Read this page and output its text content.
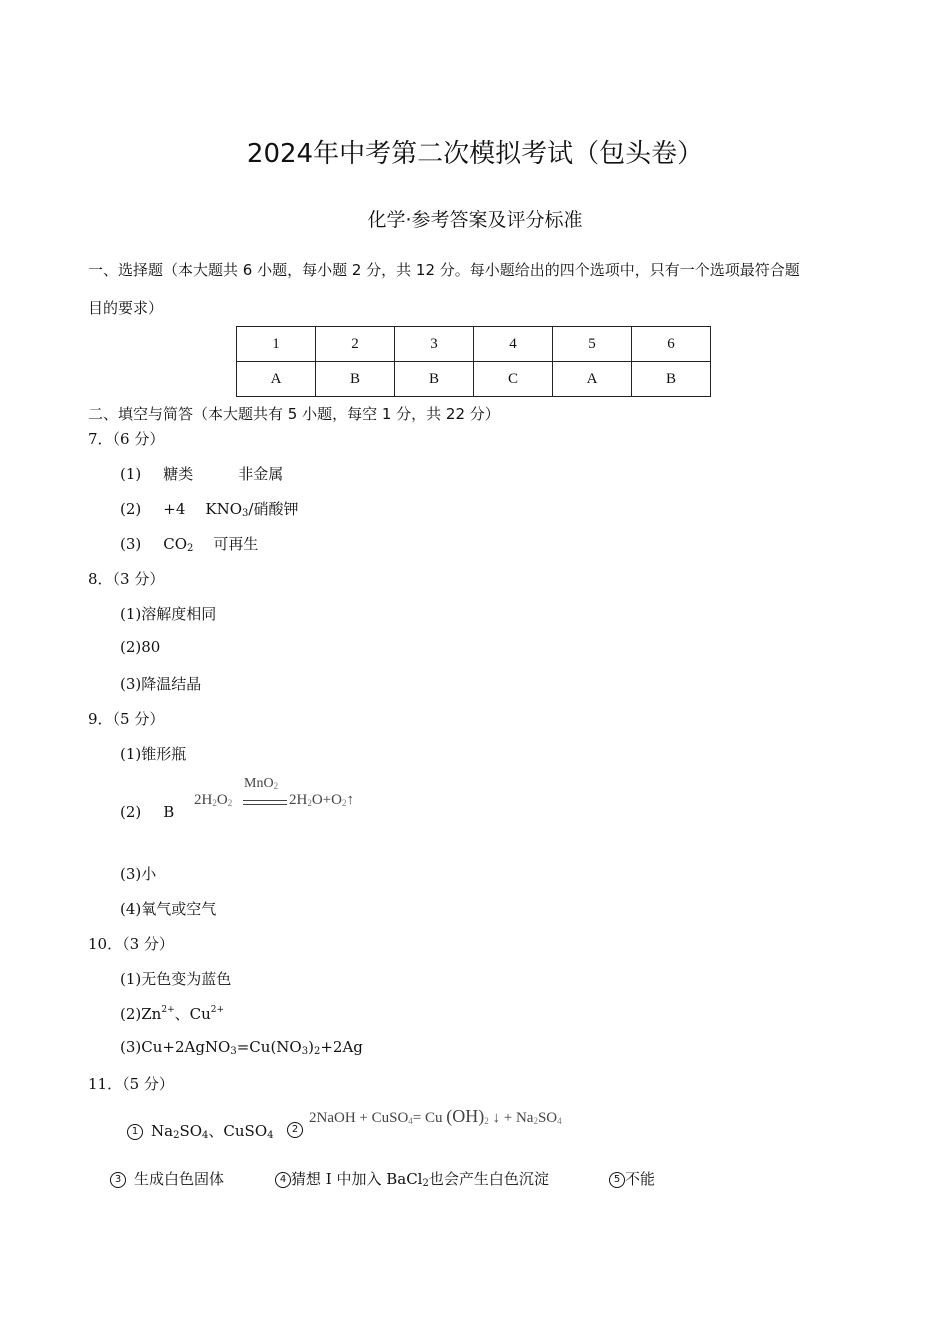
2024年中考第二次模拟考试（包头卷）
化学·参考答案及评分标准
一、选择题（本大题共 6 小题，每小题 2 分，共 12 分。每小题给出的四个选项中，只有一个选项最符合题
目的要求）
1	2	3	4	5	6
A	B	B	C	A	B
二、填空与简答（本大题共有 5 小题，每空 1 分，共 22 分）
7．（6 分）
(1) 糖类	非金属
(2) +4 $KNO_3/$硝酸钾
(3) $CO_2$ 可再生
8．（3 分）
(1)溶解度相同
(2)80
(3)降温结晶
9．（5 分）
(1)锥形瓶
(2) B
MnO$_2$
$2H_2O_2$	$2H_2O+O_2↑$
(3)小
(4)氧气或空气
10．（3 分）
(1)无色变为蓝色
$(2)Zn^{2+}$、$Cu^{2+}$
$(3)Cu+2AgNO_3=Cu(NO_3)_2+2Ag$
11．（5 分）
1 $Na_2SO_4$、CuSO$_4$
2
2NaOH + CuSO$_4$= Cu $(OH)_2$ ↓ + $Na_2SO_4$
3 生成白色固体	4 猜想 I 中加入 BaCl$_2$也会产生白色沉淀	5 不能
